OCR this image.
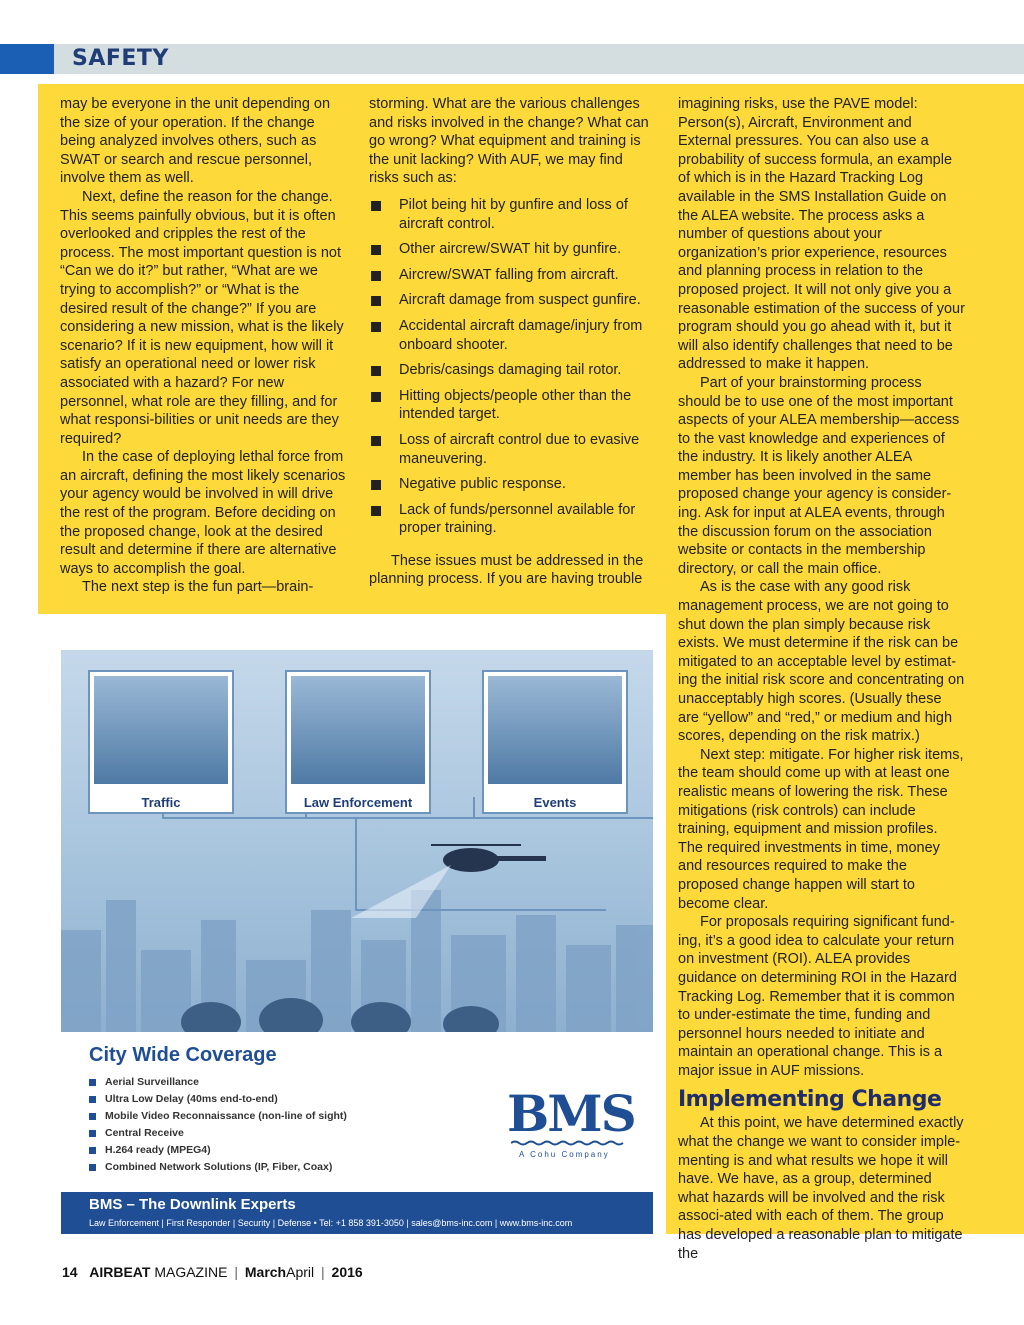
SAFETY

may be everyone in the unit depending on the size of your operation. If the change being analyzed involves others, such as SWAT or search and rescue personnel, involve them as well.

Next, define the reason for the change. This seems painfully obvious, but it is often overlooked and cripples the rest of the process. The most important question is not “Can we do it?” but rather, “What are we trying to accomplish?” or “What is the desired result of the change?” If you are considering a new mission, what is the likely scenario? If it is new equipment, how will it satisfy an operational need or lower risk associated with a hazard? For new personnel, what role are they filling, and for what responsi-bilities or unit needs are they required?

In the case of deploying lethal force from an aircraft, defining the most likely scenarios your agency would be involved in will drive the rest of the program. Before deciding on the proposed change, look at the desired result and determine if there are alternative ways to accomplish the goal.

The next step is the fun part—brain-

storming. What are the various challenges and risks involved in the change? What can go wrong? What equipment and training is the unit lacking? With AUF, we may find risks such as:

Pilot being hit by gunfire and loss of aircraft control.
Other aircrew/SWAT hit by gunfire.
Aircrew/SWAT falling from aircraft.
Aircraft damage from suspect gunfire.
Accidental aircraft damage/injury from onboard shooter.
Debris/casings damaging tail rotor.
Hitting objects/people other than the intended target.
Loss of aircraft control due to evasive maneuvering.
Negative public response.
Lack of funds/personnel available for proper training.

These issues must be addressed in the planning process. If you are having trouble

imagining risks, use the PAVE model: Person(s), Aircraft, Environment and External pressures. You can also use a probability of success formula, an example of which is in the Hazard Tracking Log available in the SMS Installation Guide on the ALEA website. The process asks a number of questions about your organization’s prior experience, resources and planning process in relation to the proposed project. It will not only give you a reasonable estimation of the success of your program should you go ahead with it, but it will also identify challenges that need to be addressed to make it happen.

Part of your brainstorming process should be to use one of the most important aspects of your ALEA membership—access to the vast knowledge and experiences of the industry. It is likely another ALEA member has been involved in the same proposed change your agency is consider-ing. Ask for input at ALEA events, through the discussion forum on the association website or contacts in the membership directory, or call the main office.

As is the case with any good risk management process, we are not going to shut down the plan simply because risk exists. We must determine if the risk can be mitigated to an acceptable level by estimat-ing the initial risk score and concentrating on unacceptably high scores. (Usually these are “yellow” and “red,” or medium and high scores, depending on the risk matrix.)

Next step: mitigate. For higher risk items, the team should come up with at least one realistic means of lowering the risk. These mitigations (risk controls) can include training, equipment and mission profiles. The required investments in time, money and resources required to make the proposed change happen will start to become clear.

For proposals requiring significant fund-ing, it’s a good idea to calculate your return on investment (ROI). ALEA provides guidance on determining ROI in the Hazard Tracking Log. Remember that it is common to under-estimate the time, funding and personnel hours needed to initiate and maintain an operational change. This is a major issue in AUF missions.

Implementing Change

At this point, we have determined exactly what the change we want to consider imple-menting is and what results we hope it will have. We have, as a group, determined what hazards will be involved and the risk associ-ated with each of them. The group has developed a reasonable plan to mitigate the

Traffic	Law Enforcement	Events
City Wide Coverage
Aerial Surveillance
Ultra Low Delay (40ms end-to-end)
Mobile Video Reconnaissance (non-line of sight)
Central Receive
H.264 ready (MPEG4)
Combined Network Solutions (IP, Fiber, Coax)
BMS
A Cohu Company
BMS – The Downlink Experts
Law Enforcement | First Responder | Security | Defense • Tel: +1 858 391-3050 | sales@bms-inc.com | www.bms-inc.com
14 AIRBEAT MAGAZINE | MarchApril | 2016
